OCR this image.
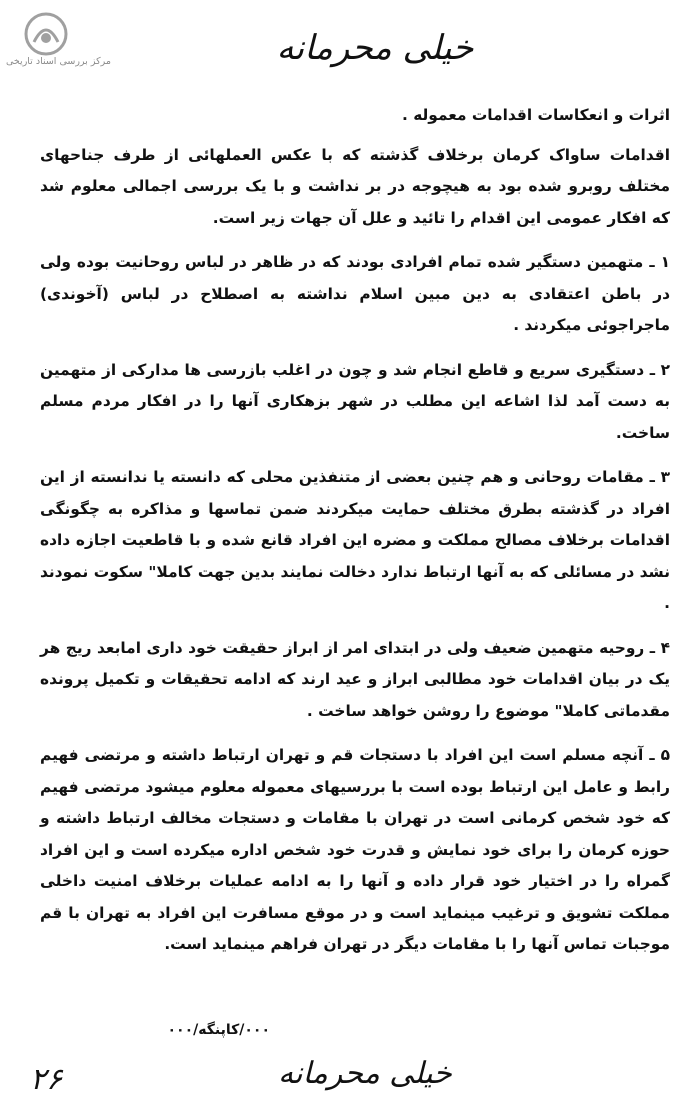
مرکز بررسی اسناد تاریخی	خیلی محرمانه

اثرات و انعکاسات اقدامات معموله .

اقدامات ساواک کرمان برخلاف گذشته که با عکس العملهائی از طرف جناحهای مختلف روبرو شده بود به هیچوجه در بر نداشت و با یک بررسی اجمالی معلوم شد که افکار عمومی این اقدام را تائید و علل آن جهات زیر است.

۱ ـ متهمین دستگیر شده تمام افرادی بودند که در ظاهر در لباس روحانیت بوده ولی در باطن اعتقادی به دین مبین اسلام نداشته به اصطلاح در لباس (آخوندی) ماجراجوئی میکردند .

۲ ـ دستگیری سریع و قاطع انجام شد و چون در اغلب بازرسی ها مدارکی از متهمین به دست آمد لذا اشاعه این مطلب در شهر بزهکاری آنها را در افکار مردم مسلم ساخت.

۳ ـ مقامات روحانی و هم چنین بعضی از متنفذین محلی که دانسته یا ندانسته از این افراد در گذشته بطرق مختلف حمایت میکردند ضمن تماسها و مذاکره به چگونگی اقدامات برخلاف مصالح مملکت و مضره این افراد قانع شده و با قاطعیت اجازه داده نشد در مسائلی که به آنها ارتباط ندارد دخالت نمایند بدین جهت کاملا" سکوت نمودند .

۴ ـ روحیه متهمین ضعیف ولی در ابتدای امر از ابراز حقیقت خود داری امابعد ریج هر یک در بیان اقدامات خود مطالبی ابراز و عید ارند که ادامه تحقیقات و تکمیل پرونده مقدماتی کاملا" موضوع را روشن خواهد ساخت .

۵ ـ آنچه مسلم است این افراد با دستجات قم و تهران ارتباط داشته و مرتضی فهیم رابط و عامل این ارتباط بوده است با بررسیهای معموله معلوم میشود مرتضی فهیم که خود شخص کرمانی است در تهران با مقامات و دستجات مخالف ارتباط داشته و حوزه کرمان را برای خود نمایش و قدرت خود شخص اداره میکرده است و این افراد گمراه را در اختیار خود قرار داده و آنها را به ادامه عملیات برخلاف امنیت داخلی مملکت تشویق و ترغیب مینماید است و در موقع مسافرت این افراد به تهران با قم موجبات تماس آنها را با مقامات دیگر در تهران فراهم مینماید است.

۰۰۰/کاپنگه/۰۰۰
خیلی محرمانه
۲۶
